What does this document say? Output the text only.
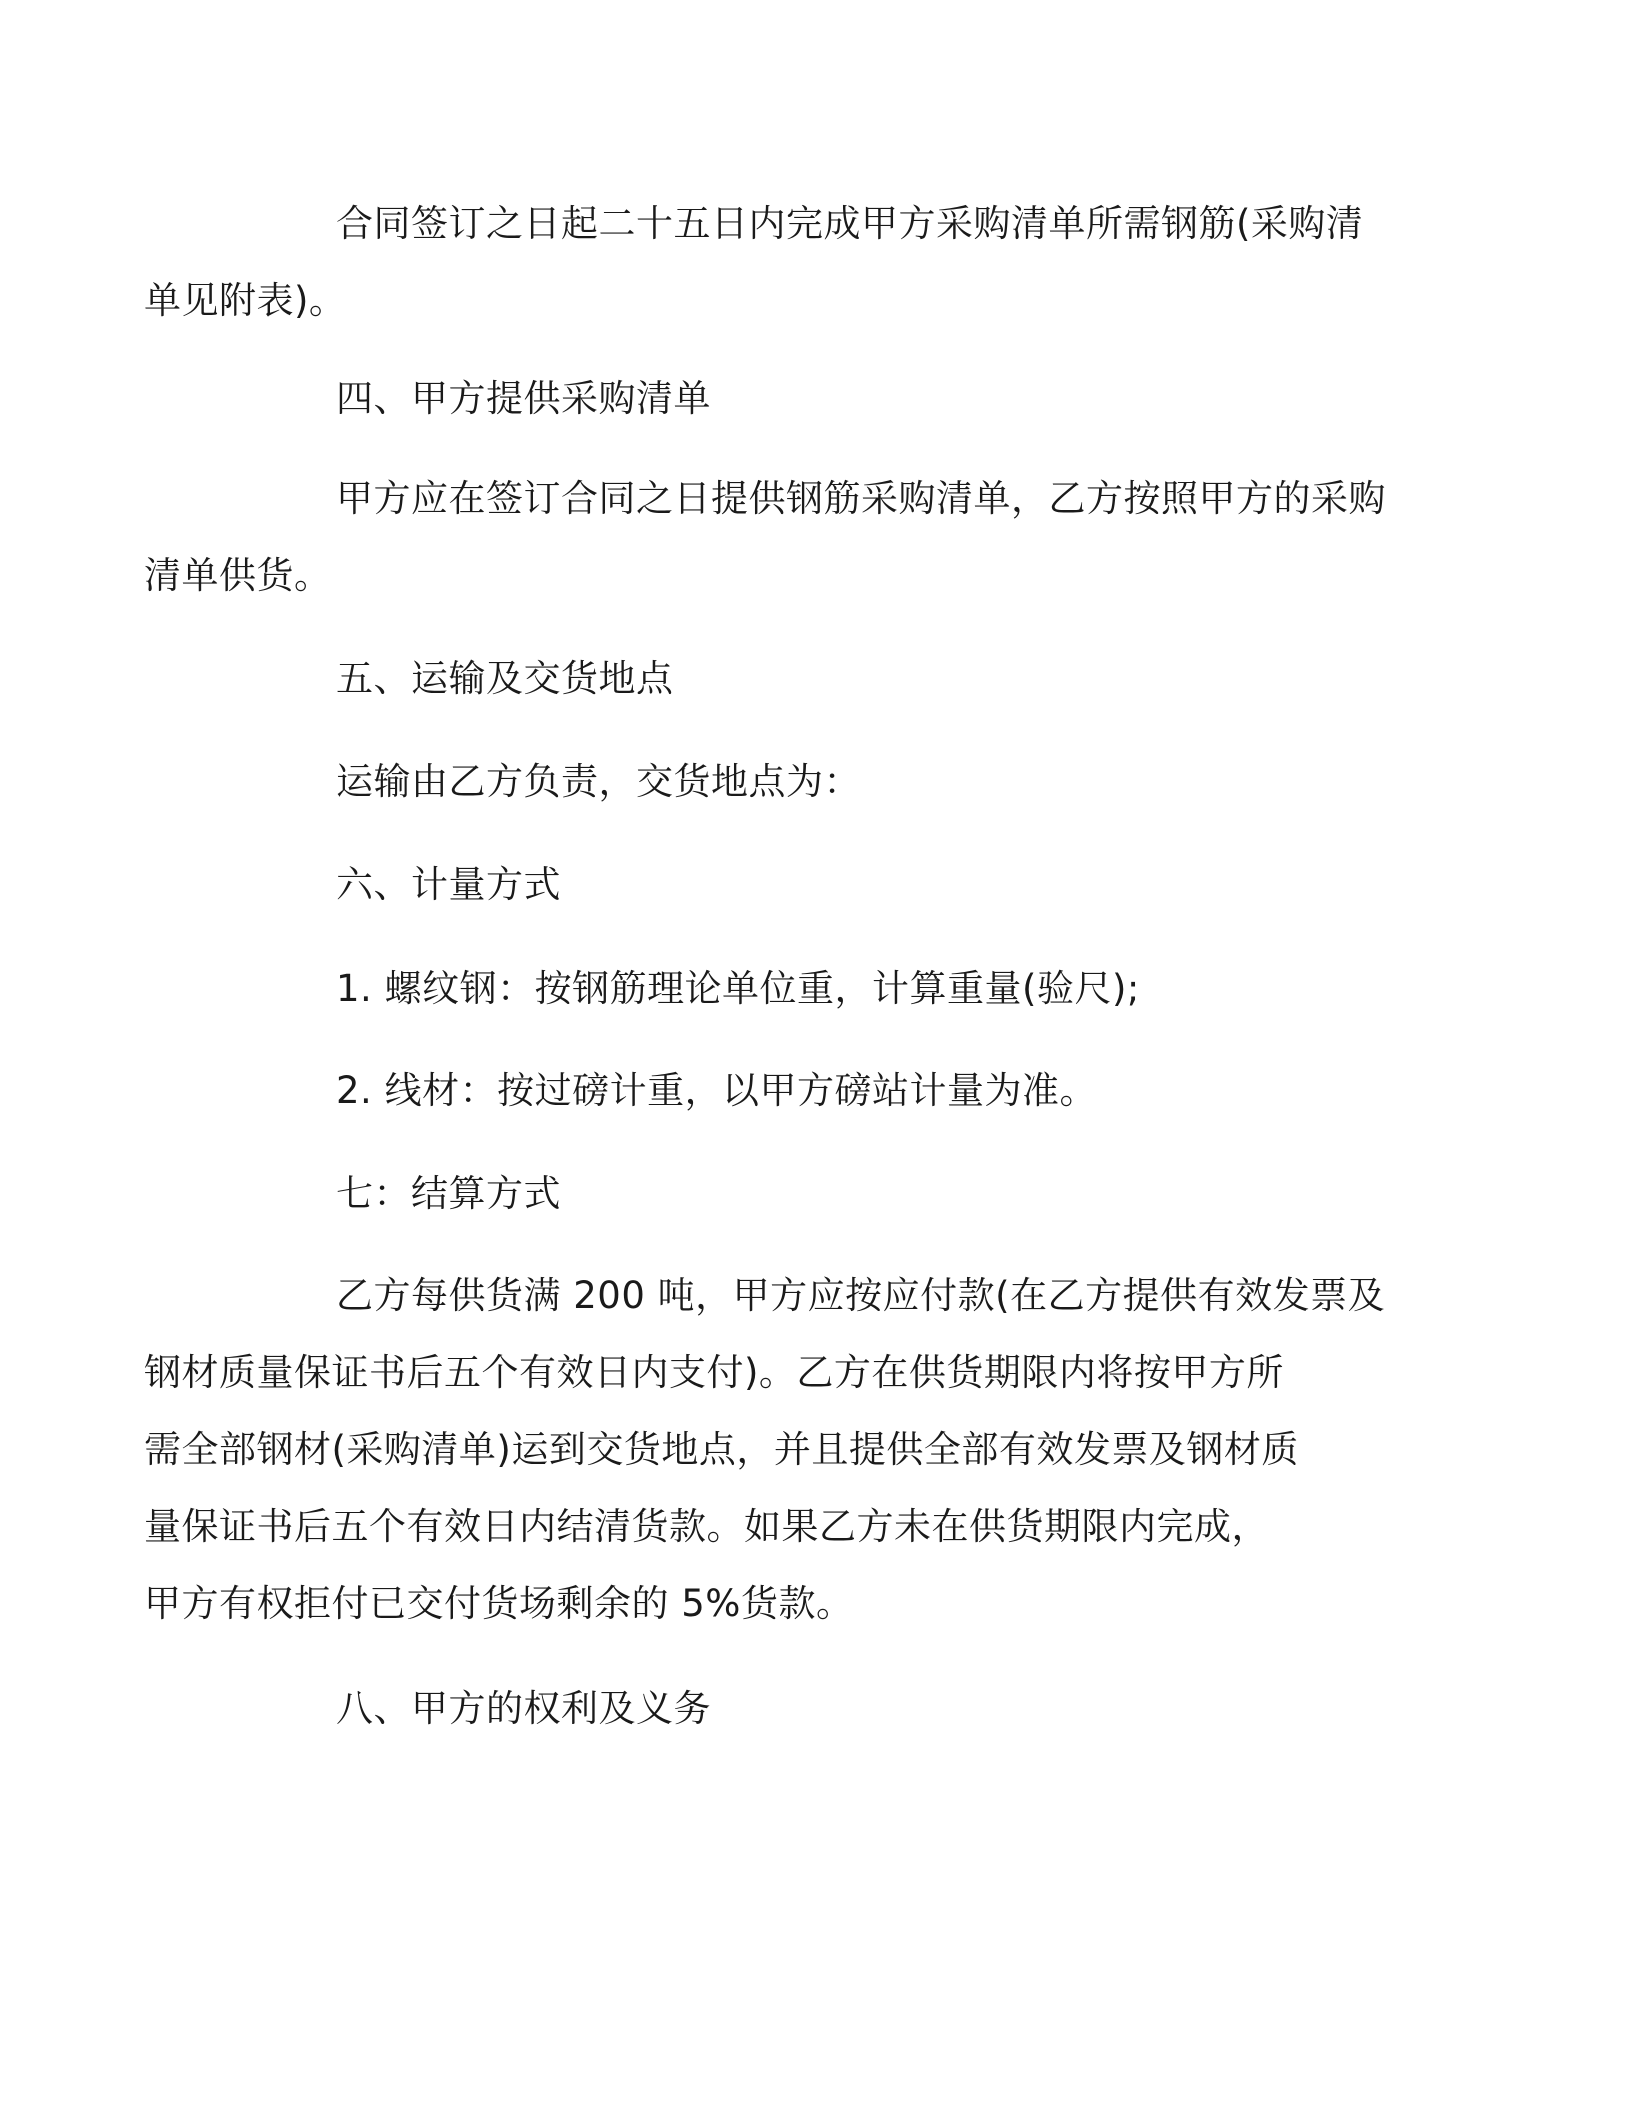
合同签订之日起二十五日内完成甲方采购清单所需钢筋(采购清
单见附表)。

四、甲方提供采购清单

甲方应在签订合同之日提供钢筋采购清单，乙方按照甲方的采购
清单供货。

五、运输及交货地点

运输由乙方负责，交货地点为：

六、计量方式

1. 螺纹钢：按钢筋理论单位重，计算重量(验尺);

2. 线材：按过磅计重，以甲方磅站计量为准。

七：结算方式

乙方每供货满 200 吨，甲方应按应付款(在乙方提供有效发票及
钢材质量保证书后五个有效日内支付)。乙方在供货期限内将按甲方所
需全部钢材(采购清单)运到交货地点，并且提供全部有效发票及钢材质
量保证书后五个有效日内结清货款。如果乙方未在供货期限内完成，
甲方有权拒付已交付货场剩余的 5%货款。

八、甲方的权利及义务
